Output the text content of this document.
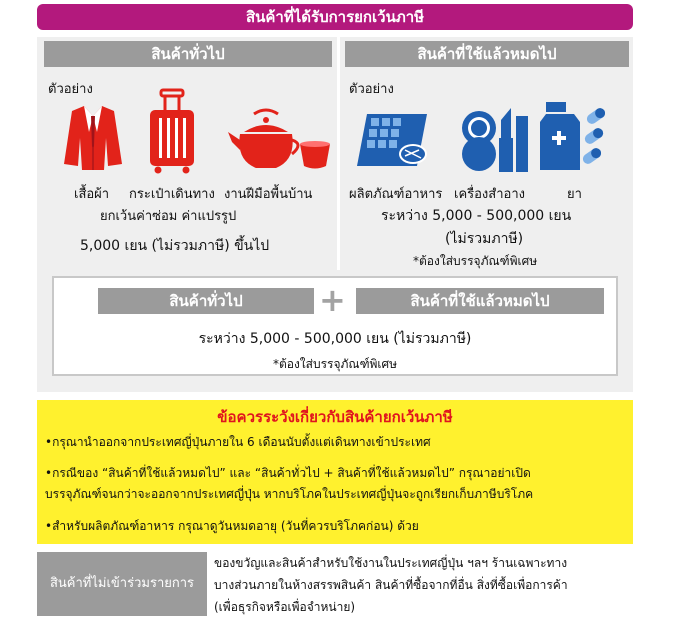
สินค้าที่ได้รับการยกเว้นภาษี
สินค้าทั่วไป	สินค้าที่ใช้แล้วหมดไป
ตัวอย่าง	ตัวอย่าง
เสื้อผ้า กระเป๋าเดินทาง งานฝีมือพื้นบ้าน	ผลิตภัณฑ์อาหาร เครื่องสำอาง	ยา
ยกเว้นค่าซ่อม ค่าแปรรูป
5,000 เยน (ไม่รวมภาษี) ขึ้นไป
ระหว่าง 5,000 - 500,000 เยน
(ไม่รวมภาษี)
*ต้องใส่บรรจุภัณฑ์พิเศษ
สินค้าทั่วไป	+	สินค้าที่ใช้แล้วหมดไป
ระหว่าง 5,000 - 500,000 เยน (ไม่รวมภาษี)
*ต้องใส่บรรจุภัณฑ์พิเศษ
ข้อควรระวังเกี่ยวกับสินค้ายกเว้นภาษี
•กรุณานำออกจากประเทศญี่ปุ่นภายใน 6 เดือนนับตั้งแต่เดินทางเข้าประเทศ
•กรณีของ “สินค้าที่ใช้แล้วหมดไป” และ “สินค้าทั่วไป + สินค้าที่ใช้แล้วหมดไป” กรุณาอย่าเปิด
บรรจุภัณฑ์จนกว่าจะออกจากประเทศญี่ปุ่น หากบริโภคในประเทศญี่ปุ่นจะถูกเรียกเก็บภาษีบริโภค
•สำหรับผลิตภัณฑ์อาหาร กรุณาดูวันหมดอายุ (วันที่ควรบริโภคก่อน) ด้วย
สินค้าที่ไม่เข้าร่วมรายการ
ของขวัญและสินค้าสำหรับใช้งานในประเทศญี่ปุ่น ฯลฯ ร้านเฉพาะทาง
บางส่วนภายในห้างสรรพสินค้า สินค้าที่ซื้อจากที่อื่น สิ่งที่ซื้อเพื่อการค้า
(เพื่อธุรกิจหรือเพื่อจำหน่าย)
